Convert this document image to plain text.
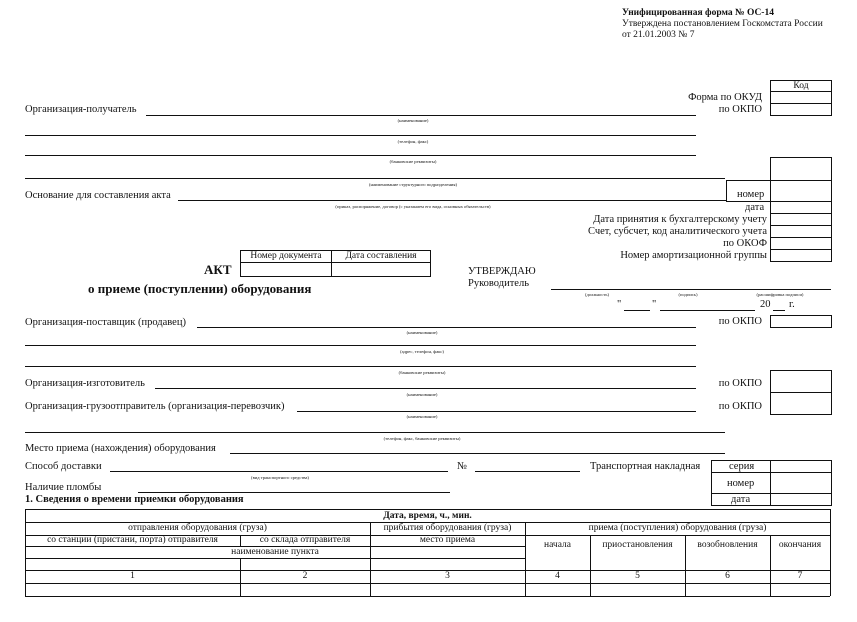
Унифицированная форма № ОС-14
Утверждена постановлением Госкомстата России
от 21.01.2003 № 7
Форма по ОКУД
по ОКПО
Код
номер
дата
Дата принятия к бухгалтерскому учету
Счет, субсчет, код аналитического учета
по ОКОФ
Номер амортизационной группы
Организация-получатель
(наименование)
(телефон, факс)
(банковские реквизиты)
(наименование структурного подразделения)
Основание для составления акта
(приказ, распоряжение, договор (с указанием его вида, основных обязательств)
Номер документа	Дата составления
АКТ
о приеме (поступлении) оборудования
УТВЕРЖДАЮ
Руководитель
(должность)	(подпись)	(расшифровка подписи)
"	"	20 г.
Организация-поставщик (продавец)
(наименование)
по ОКПО
(адрес, телефон, факс)
(банковские реквизиты)
Организация-изготовитель
(наименование)
по ОКПО
Организация-грузоотправитель (организация-перевозчик)
(наименование)
по ОКПО
(телефон, факс, банковские реквизиты)
Место приема (нахождения) оборудования
Способ доставки
(вид транспортного средства)
№	Транспортная накладная	серия
номер
дата
Наличие пломбы
1. Сведения о времени приемки оборудования
Дата, время, ч., мин.
отправления оборудования (груза)	прибытия оборудования (груза)	приема (поступления) оборудования (груза)
со станции (пристани, порта) отправителя	со склада отправителя	место приема
наименование пункта
начала	приостановления	возобновления	окончания
1	2	3	4	5	6	7
